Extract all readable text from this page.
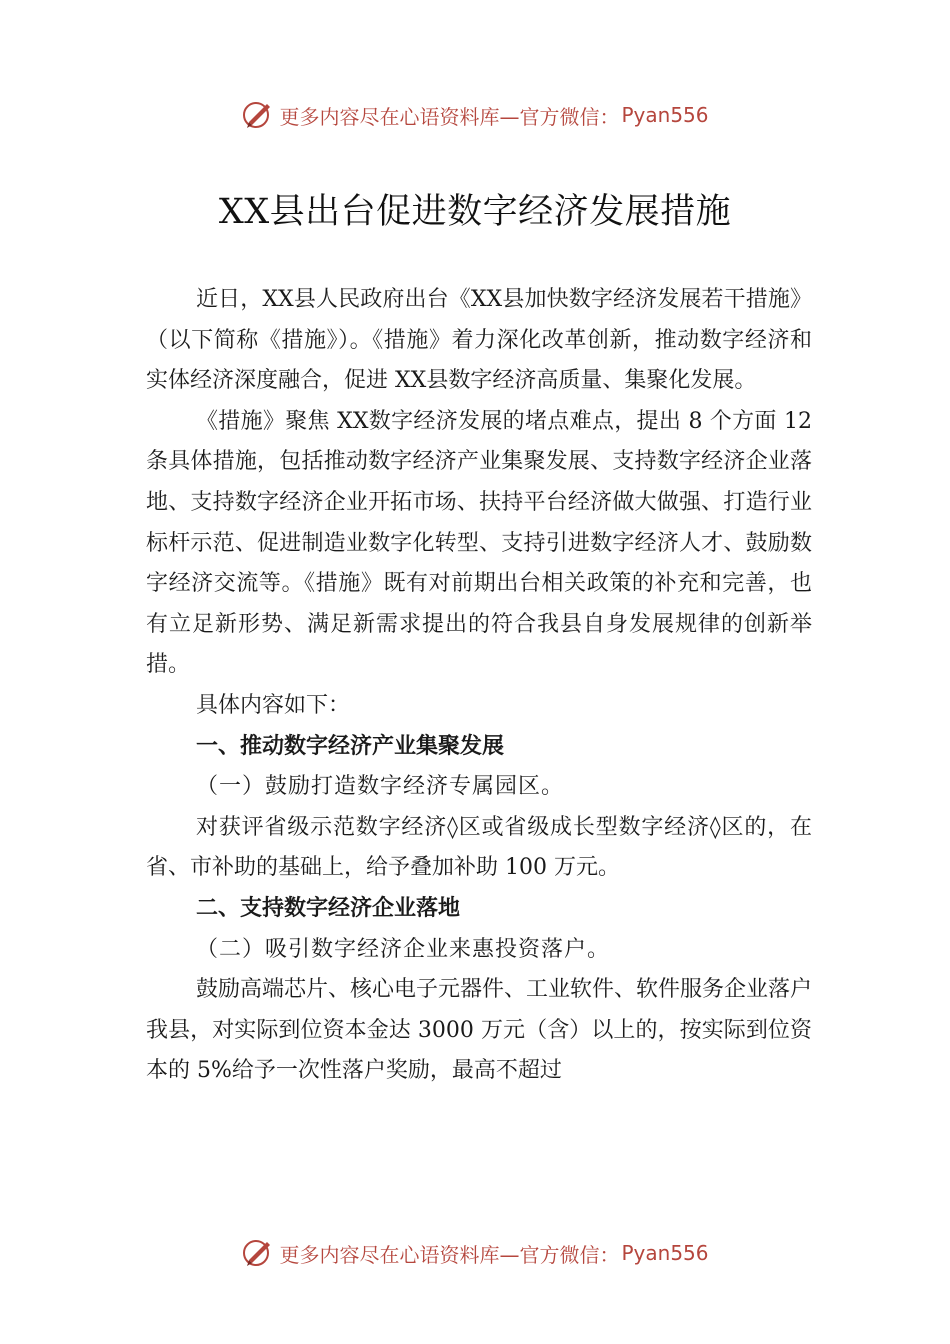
更多内容尽在心语资料库—官方微信： Pyan556
XX县出台促进数字经济发展措施

近日，XX县人民政府出台《XX县加快数字经济发展若干措施》（以下简称《措施》）。《措施》着力深化改革创新，推动数字经济和实体经济深度融合，促进 XX县数字经济高质量、集聚化发展。

《措施》聚焦 XX数字经济发展的堵点难点，提出 8 个方面 12 条具体措施，包括推动数字经济产业集聚发展、支持数字经济企业落地、支持数字经济企业开拓市场、扶持平台经济做大做强、打造行业标杆示范、促进制造业数字化转型、支持引进数字经济人才、鼓励数字经济交流等。《措施》既有对前期出台相关政策的补充和完善，也有立足新形势、满足新需求提出的符合我县自身发展规律的创新举措。

具体内容如下：

一、推动数字经济产业集聚发展

（一）鼓励打造数字经济专属园区。

对获评省级示范数字经济◊区或省级成长型数字经济◊区的，在省、市补助的基础上，给予叠加补助 100 万元。

二、支持数字经济企业落地

（二）吸引数字经济企业来惠投资落户。

鼓励高端芯片、核心电子元器件、工业软件、软件服务企业落户我县，对实际到位资本金达 3000 万元（含）以上的，按实际到位资本的 5%给予一次性落户奖励，最高不超过

更多内容尽在心语资料库—官方微信： Pyan556
